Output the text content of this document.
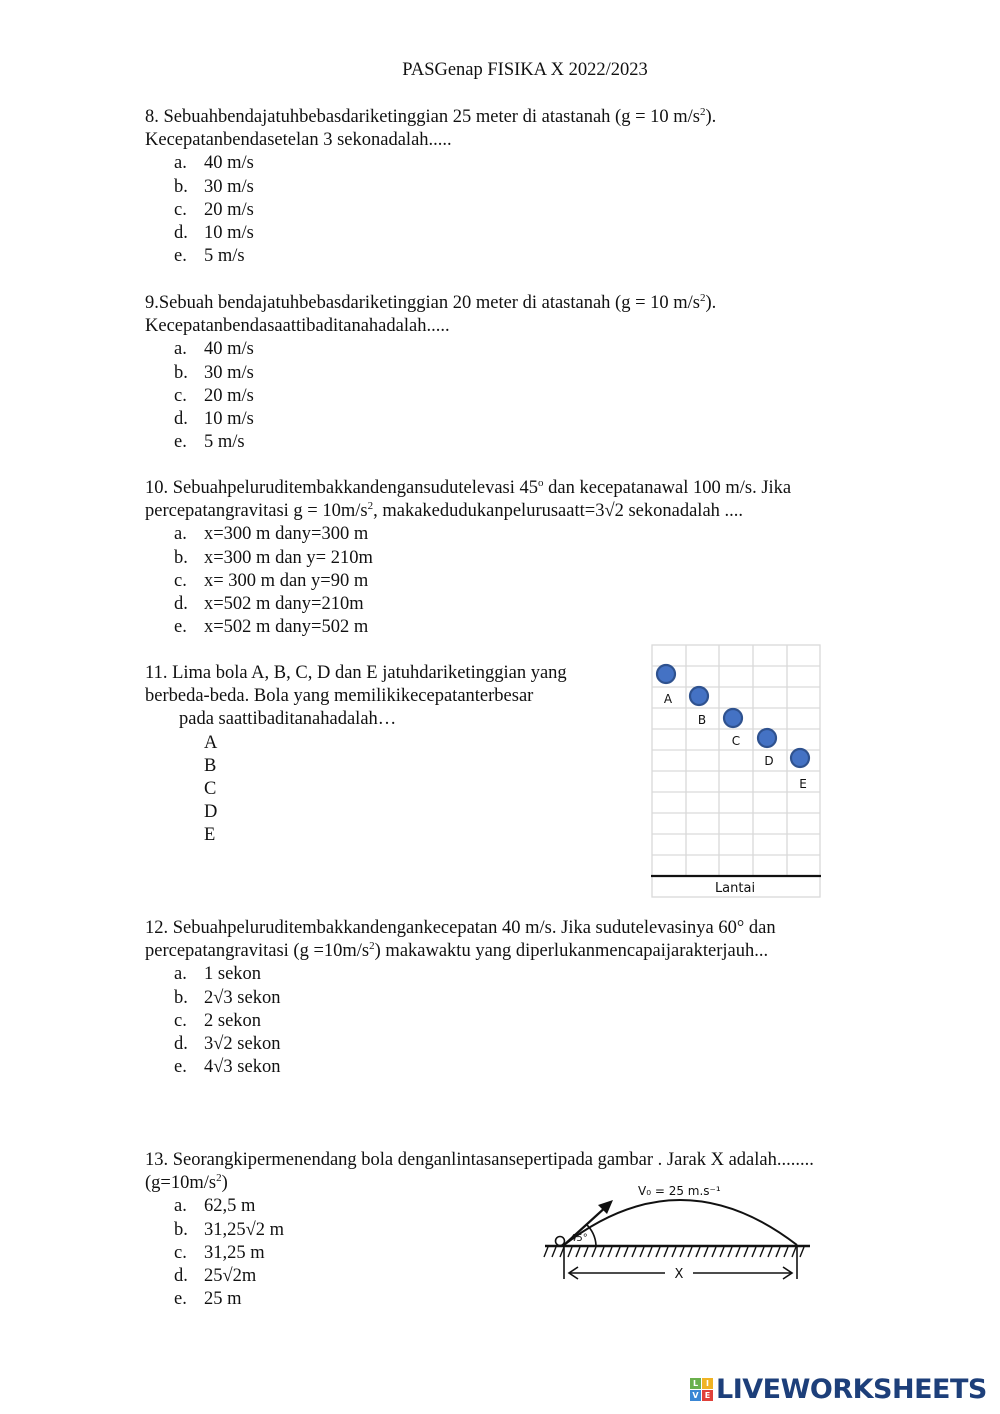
PASGenap FISIKA X 2022/2023
8. Sebuahbendajatuhbebasdariketinggian 25 meter di atastanah (g = 10 $m/s^2$).
Kecepatanbendasetelan 3 sekonadalah.....
a. 40 m/s
b. 30 m/s
c. 20 m/s
d. 10 m/s
e. 5 m/s
9.Sebuah bendajatuhbebasdariketinggian 20 meter di atastanah (g = 10 $m/s^2$).
Kecepatanbendasaattibaditanahadalah.....
a. 40 m/s
b. 30 m/s
c. 20 m/s
d. 10 m/s
e. 5 m/s
10. Sebuahpeluruditembakkandengansudutelevasi 45$^o$ dan kecepatanawal 100 m/s. Jika
percepatangravitasi $g = 10m/s^2$, makakedudukanpelurusaatt=3√2 sekonadalah ....
a. x=300 m dany=300 m
b. x=300 m dan y= 210m
c. x= 300 m dan y=90 m
d. x=502 m dany=210m
e. x=502 m dany=502 m
11. Lima bola A, B, C, D dan E jatuhdariketinggian yang
berbeda-beda. Bola yang memilikikecepatanterbesar
pada saattibaditanahadalah…
A
B
C
D
E
A
B
C
D
E
Lantai
12. Sebuahpeluruditembakkandengankecepatan 40 m/s. Jika sudutelevasinya 60° dan
percepatangravitasi $(g =10m/s^2)$ makawaktu yang diperlukanmencapaijarakterjauh...
a. 1 sekon
b. 2√3 sekon
c. 2 sekon
d. 3√2 sekon
e. 4√3 sekon
13. Seorangkipermenendang bola denganlintasansepertipada gambar . Jarak X adalah........
$(g=10m/s^2)$
a. 62,5 m
b. 31,25√2 m
c. 31,25 m
d. 25√2m
e. 25 m
V₀ = 25 m.s⁻¹
45°
X
L I
V E LIVEWORKSHEETS
